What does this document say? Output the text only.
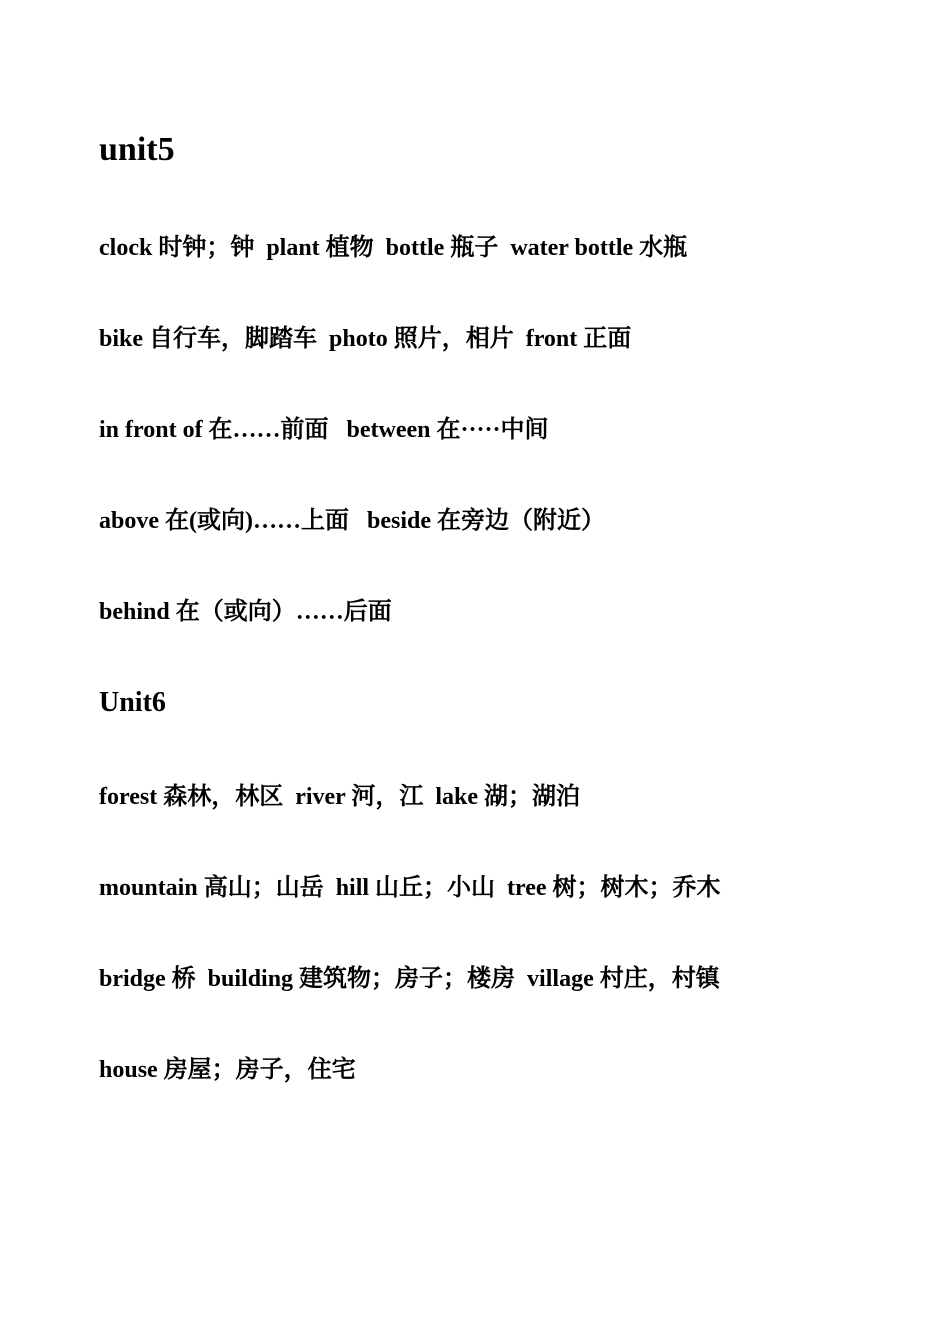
unit5
clock 时钟；钟  plant 植物  bottle 瓶子  water bottle 水瓶
bike 自行车，脚踏车  photo 照片，相片  front 正面
in front of 在……前面   between 在·····中间
above 在(或向)……上面   beside 在旁边（附近）
behind 在（或向）……后面
Unit6
forest 森林，林区  river 河，江  lake 湖；湖泊
mountain 高山；山岳  hill 山丘；小山  tree 树；树木；乔木
bridge 桥  building 建筑物；房子；楼房  village 村庄，村镇
house 房屋；房子，住宅
